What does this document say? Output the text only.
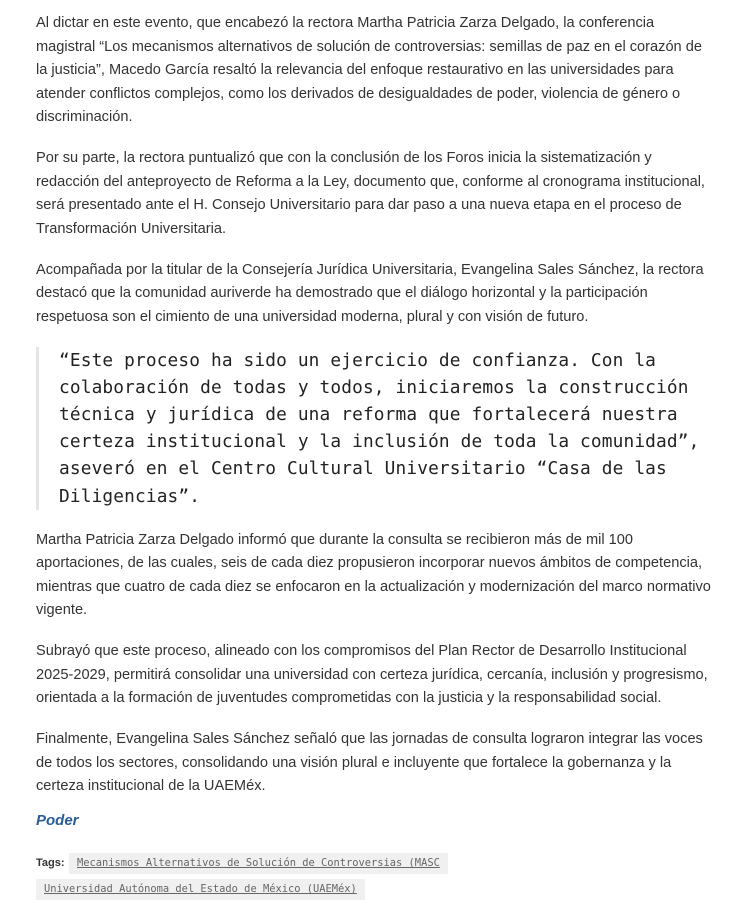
Al dictar en este evento, que encabezó la rectora Martha Patricia Zarza Delgado, la conferencia magistral “Los mecanismos alternativos de solución de controversias: semillas de paz en el corazón de la justicia”, Macedo García resaltó la relevancia del enfoque restaurativo en las universidades para atender conflictos complejos, como los derivados de desigualdades de poder, violencia de género o discriminación.

Por su parte, la rectora puntualizó que con la conclusión de los Foros inicia la sistematización y redacción del anteproyecto de Reforma a la Ley, documento que, conforme al cronograma institucional, será presentado ante el H. Consejo Universitario para dar paso a una nueva etapa en el proceso de Transformación Universitaria.

Acompañada por la titular de la Consejería Jurídica Universitaria, Evangelina Sales Sánchez, la rectora destacó que la comunidad auriverde ha demostrado que el diálogo horizontal y la participación respetuosa son el cimiento de una universidad moderna, plural y con visión de futuro.

“Este proceso ha sido un ejercicio de confianza. Con la colaboración de todas y todos, iniciaremos la construcción técnica y jurídica de una reforma que fortalecerá nuestra certeza institucional y la inclusión de toda la comunidad”, aseveró en el Centro Cultural Universitario “Casa de las Diligencias”.

Martha Patricia Zarza Delgado informó que durante la consulta se recibieron más de mil 100 aportaciones, de las cuales, seis de cada diez propusieron incorporar nuevos ámbitos de competencia, mientras que cuatro de cada diez se enfocaron en la actualización y modernización del marco normativo vigente.

Subrayó que este proceso, alineado con los compromisos del Plan Rector de Desarrollo Institucional 2025-2029, permitirá consolidar una universidad con certeza jurídica, cercanía, inclusión y progresismo, orientada a la formación de juventudes comprometidas con la justicia y la responsabilidad social.

Finalmente, Evangelina Sales Sánchez señaló que las jornadas de consulta lograron integrar las voces de todos los sectores, consolidando una visión plural e incluyente que fortalece la gobernanza y la certeza institucional de la UAEMéx.

Poder
Tags:	Mecanismos Alternativos de Solución de Controversias (MASC
Universidad Autónoma del Estado de México (UAEMéx)
